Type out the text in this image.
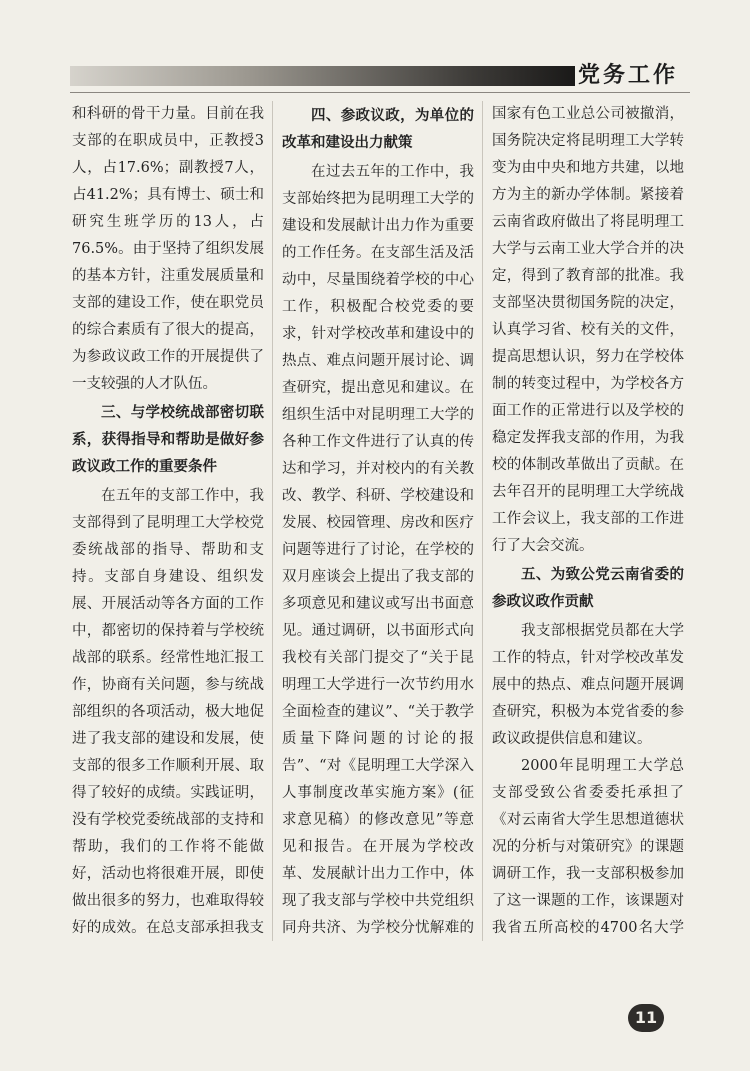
党务工作

和科研的骨干力量。目前在我支部的在职成员中，正教授3人，占17.6%；副教授7人，占41.2%；具有博士、硕士和研究生班学历的13人，占76.5%。由于坚持了组织发展的基本方针，注重发展质量和支部的建设工作，使在职党员的综合素质有了很大的提高，为参政议政工作的开展提供了一支较强的人才队伍。

三、与学校统战部密切联系，获得指导和帮助是做好参政议政工作的重要条件

在五年的支部工作中，我支部得到了昆明理工大学校党委统战部的指导、帮助和支持。支部自身建设、组织发展、开展活动等各方面的工作中，都密切的保持着与学校统战部的联系。经常性地汇报工作，协商有关问题，参与统战部组织的各项活动，极大地促进了我支部的建设和发展，使支部的很多工作顺利开展、取得了较好的成绩。实践证明，没有学校党委统战部的支持和帮助，我们的工作将不能做好，活动也将很难开展，即使做出很多的努力，也难取得较好的成效。在总支部承担我支

四、参政议政，为单位的改革和建设出力献策

在过去五年的工作中，我支部始终把为昆明理工大学的建设和发展献计出力作为重要的工作任务。在支部生活及活动中，尽量围绕着学校的中心工作，积极配合校党委的要求，针对学校改革和建设中的热点、难点问题开展讨论、调查研究，提出意见和建议。在组织生活中对昆明理工大学的各种工作文件进行了认真的传达和学习，并对校内的有关教改、教学、科研、学校建设和发展、校园管理、房改和医疗问题等进行了讨论，在学校的双月座谈会上提出了我支部的多项意见和建议或写出书面意见。通过调研，以书面形式向我校有关部门提交了“关于昆明理工大学进行一次节约用水全面检查的建议”、“关于教学质量下降问题的讨论的报告”、“对《昆明理工大学深入人事制度改革实施方案》(征求意见稿）的修改意见”等意见和报告。在开展为学校改革、发展献计出力工作中，体现了我支部与学校中共党组织同舟共济、为学校分忧解难的

国家有色工业总公司被撤消，国务院决定将昆明理工大学转变为由中央和地方共建，以地方为主的新办学体制。紧接着云南省政府做出了将昆明理工大学与云南工业大学合并的决定，得到了教育部的批准。我支部坚决贯彻国务院的决定，认真学习省、校有关的文件，提高思想认识，努力在学校体制的转变过程中，为学校各方面工作的正常进行以及学校的稳定发挥我支部的作用，为我校的体制改革做出了贡献。在去年召开的昆明理工大学统战工作会议上，我支部的工作进行了大会交流。

五、为致公党云南省委的参政议政作贡献

我支部根据党员都在大学工作的特点，针对学校改革发展中的热点、难点问题开展调查研究，积极为本党省委的参政议政提供信息和建议。

2000年昆明理工大学总支部受致公省委委托承担了《对云南省大学生思想道德状况的分析与对策研究》的课题调研工作，我一支部积极参加了这一课题的工作，该课题对我省五所高校的4700名大学

11
